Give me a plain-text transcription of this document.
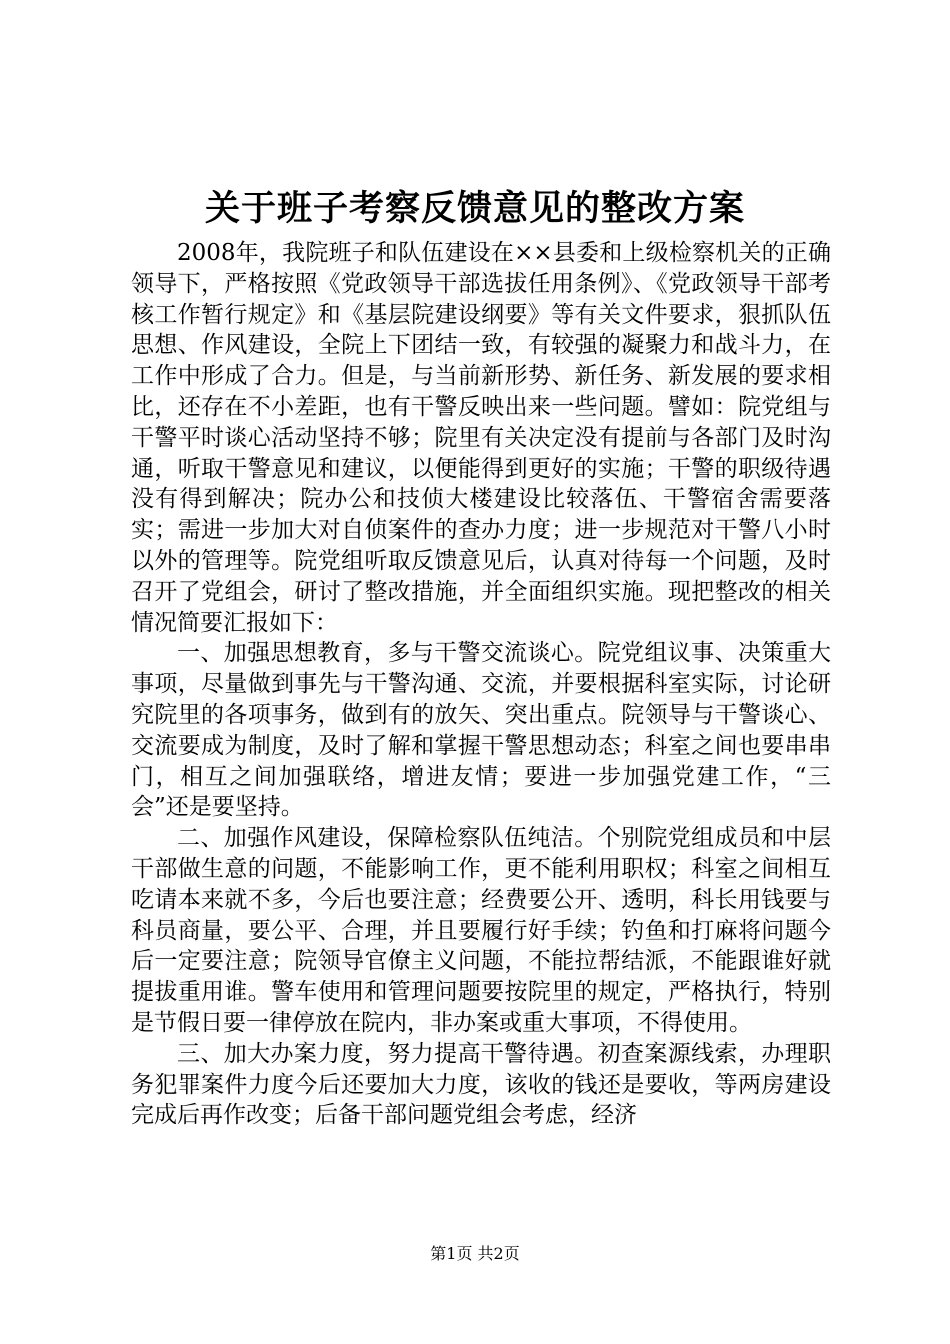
关于班子考察反馈意见的整改方案

2008年，我院班子和队伍建设在××县委和上级检察机关的正确领导下，严格按照《党政领导干部选拔任用条例》、《党政领导干部考核工作暂行规定》和《基层院建设纲要》等有关文件要求，狠抓队伍思想、作风建设，全院上下团结一致，有较强的凝聚力和战斗力，在工作中形成了合力。但是，与当前新形势、新任务、新发展的要求相比，还存在不小差距，也有干警反映出来一些问题。譬如：院党组与干警平时谈心活动坚持不够；院里有关决定没有提前与各部门及时沟通，听取干警意见和建议，以便能得到更好的实施；干警的职级待遇没有得到解决；院办公和技侦大楼建设比较落伍、干警宿舍需要落实；需进一步加大对自侦案件的查办力度；进一步规范对干警八小时以外的管理等。院党组听取反馈意见后，认真对待每一个问题，及时召开了党组会，研讨了整改措施，并全面组织实施。现把整改的相关情况简要汇报如下：

一、加强思想教育，多与干警交流谈心。院党组议事、决策重大事项，尽量做到事先与干警沟通、交流，并要根据科室实际，讨论研究院里的各项事务，做到有的放矢、突出重点。院领导与干警谈心、交流要成为制度，及时了解和掌握干警思想动态；科室之间也要串串门，相互之间加强联络，增进友情；要进一步加强党建工作，“三会”还是要坚持。

二、加强作风建设，保障检察队伍纯洁。个别院党组成员和中层干部做生意的问题，不能影响工作，更不能利用职权；科室之间相互吃请本来就不多，今后也要注意；经费要公开、透明，科长用钱要与科员商量，要公平、合理，并且要履行好手续；钓鱼和打麻将问题今后一定要注意；院领导官僚主义问题，不能拉帮结派，不能跟谁好就提拔重用谁。警车使用和管理问题要按院里的规定，严格执行，特别是节假日要一律停放在院内，非办案或重大事项，不得使用。

三、加大办案力度，努力提高干警待遇。初查案源线索，办理职务犯罪案件力度今后还要加大力度，该收的钱还是要收，等两房建设完成后再作改变；后备干部问题党组会考虑，经济

第1页 共2页
